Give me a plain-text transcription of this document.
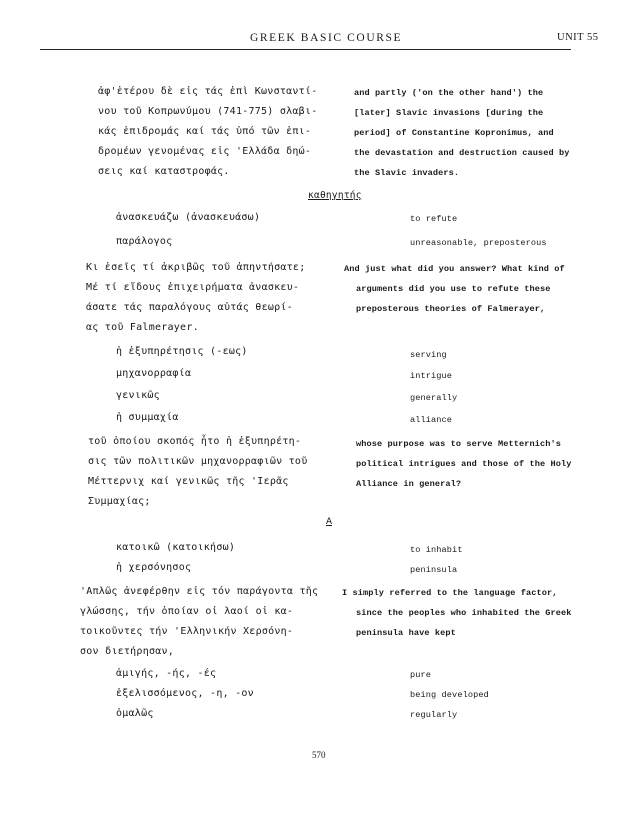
GREEK BASIC COURSE	UNIT 55
ἀφ'ἑτέρου δὲ εἰς τάς ἐπὶ Κωνσταντί-
νου τοῦ Κοπρωνύμου (741-775) σλαβι-
κάς ἐπιδρομάς καί τάς ὑπό τῶν ἐπι-
δρομέων γενομένας εἰς 'Ελλάδα δηώ-
σεις καί καταστροφάς.
and partly ('on the other hand') the
[later] Slavic invasions [during the
period] of Constantine Kopronimus, and
the devastation and destruction caused by
the Slavic invaders.
καθηγητής
ἀνασκευάζω (ἀνασκευάσω)	to refute
παράλογος	unreasonable, preposterous
Κι ἐσεῖς τί ἀκριβῶς τοῦ ἀπηντήσατε;
Μέ τί εἴδους ἐπιχειρήματα ἀνασκευ-
άσατε τάς παραλόγους αὐτάς θεωρί-
ας τοῦ Falmerayer.
And just what did you answer? What kind of
arguments did you use to refute these
preposterous theories of Falmerayer,
ἡ ἐξυπηρέτησις (-εως)	serving
μηχανορραφία	intrigue
γενικῶς	generally
ἡ συμμαχία	alliance
τοῦ ὁποίου σκοπός ἦτο ἡ ἐξυπηρέτη-
σις τῶν πολιτικῶν μηχανορραφιῶν τοῦ
Μέττερνιχ καί γενικῶς τῆς 'Ιερᾶς
Συμμαχίας;
whose purpose was to serve Metternich's
political intrigues and those of the Holy
Alliance in general?
A
κατοικῶ (κατοικήσω)	to inhabit
ἡ χερσόνησος	peninsula
'Απλῶς ἀνεφέρθην εἰς τόν παράγοντα τῆς
γλώσσης, τήν ὁποίαν οἱ λαοί οἱ κα-
τοικοῦντες τήν 'Ελληνικήν Χερσόνη-
σον διετήρησαν,
I simply referred to the language factor,
since the peoples who inhabited the Greek
peninsula have kept
ἀμιγής, -ής, -ές	pure
ἐξελισσόμενος, -η, -ον	being developed
ὁμαλῶς	regularly
570
